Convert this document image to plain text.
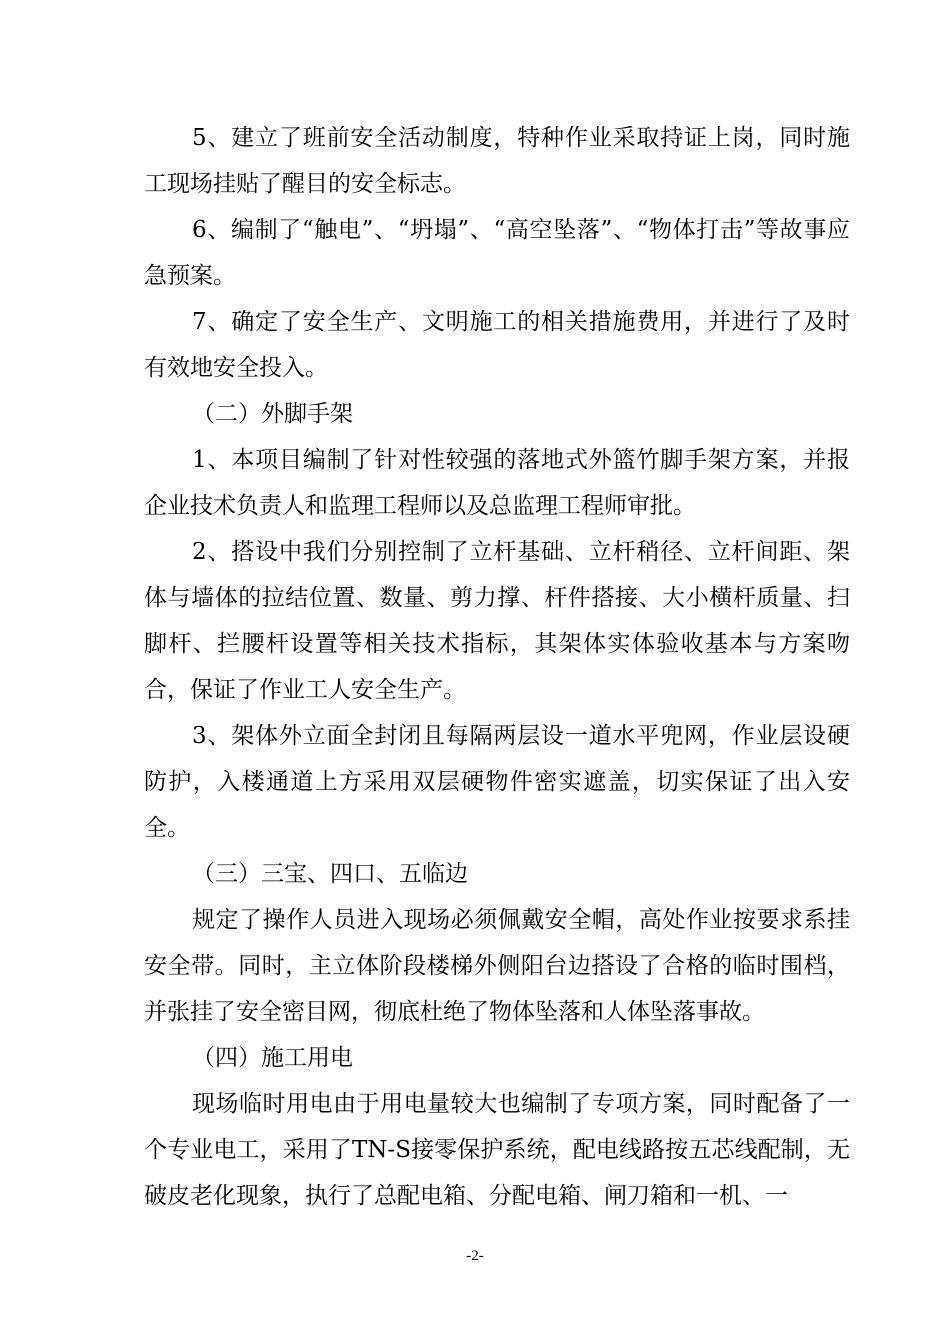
5、建立了班前安全活动制度，特种作业采取持证上岗，同时施工现场挂贴了醒目的安全标志。

6、编制了“触电”、“坍塌”、“高空坠落”、“物体打击”等故事应急预案。

7、确定了安全生产、文明施工的相关措施费用，并进行了及时有效地安全投入。

（二）外脚手架

1、本项目编制了针对性较强的落地式外篮竹脚手架方案，并报企业技术负责人和监理工程师以及总监理工程师审批。

2、搭设中我们分别控制了立杆基础、立杆稍径、立杆间距、架体与墙体的拉结位置、数量、剪力撑、杆件搭接、大小横杆质量、扫脚杆、拦腰杆设置等相关技术指标，其架体实体验收基本与方案吻合，保证了作业工人安全生产。

3、架体外立面全封闭且每隔两层设一道水平兜网，作业层设硬防护，入楼通道上方采用双层硬物件密实遮盖，切实保证了出入安全。

（三）三宝、四口、五临边

规定了操作人员进入现场必须佩戴安全帽，高处作业按要求系挂安全带。同时，主立体阶段楼梯外侧阳台边搭设了合格的临时围档，并张挂了安全密目网，彻底杜绝了物体坠落和人体坠落事故。

（四）施工用电

现场临时用电由于用电量较大也编制了专项方案，同时配备了一个专业电工，采用了TN-S接零保护系统，配电线路按五芯线配制，无破皮老化现象，执行了总配电箱、分配电箱、闸刀箱和一机、一

-2-
